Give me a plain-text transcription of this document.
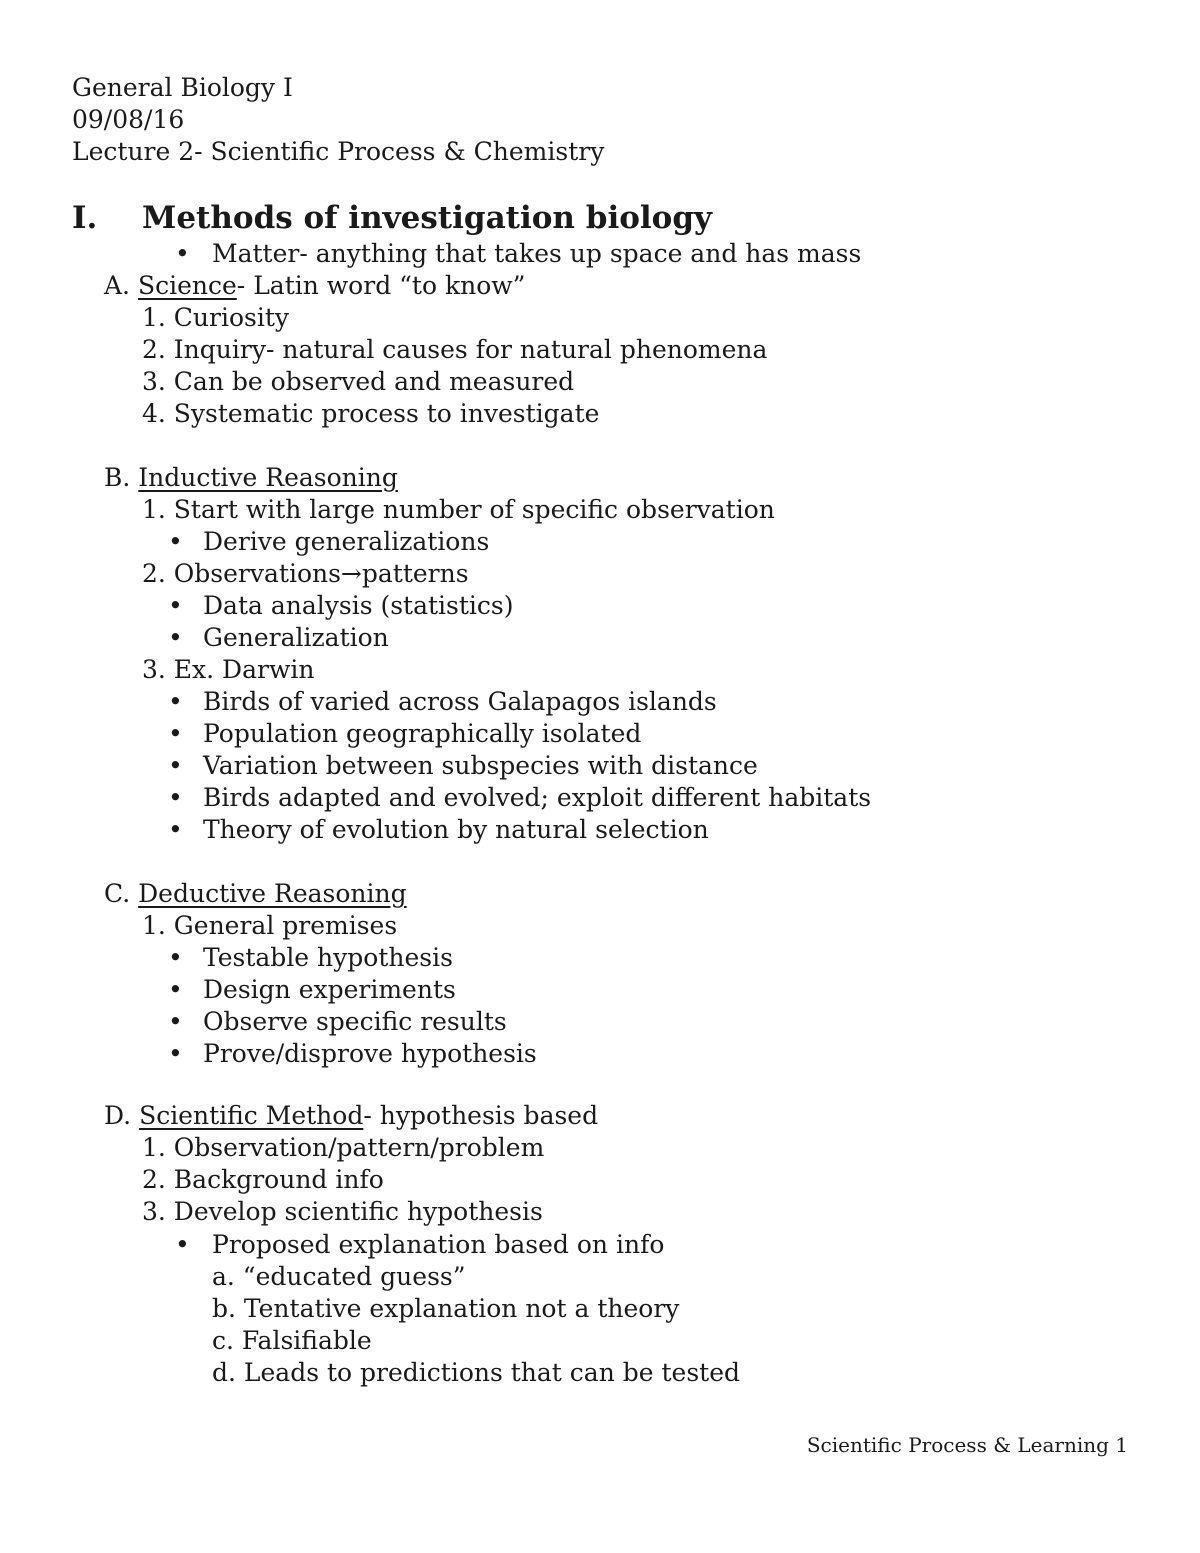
General Biology I
09/08/16
Lecture 2- Scientific Process & Chemistry
I. Methods of investigation biology
• Matter- anything that takes up space and has mass
A. Science- Latin word “to know”
1. Curiosity
2. Inquiry- natural causes for natural phenomena
3. Can be observed and measured
4. Systematic process to investigate
B. Inductive Reasoning
1. Start with large number of specific observation
• Derive generalizations
2. Observations→patterns
• Data analysis (statistics)
• Generalization
3. Ex. Darwin
• Birds of varied across Galapagos islands
• Population geographically isolated
• Variation between subspecies with distance
• Birds adapted and evolved; exploit different habitats
• Theory of evolution by natural selection
C. Deductive Reasoning
1. General premises
• Testable hypothesis
• Design experiments
• Observe specific results
• Prove/disprove hypothesis
D. Scientific Method- hypothesis based
1. Observation/pattern/problem
2. Background info
3. Develop scientific hypothesis
• Proposed explanation based on info
a. “educated guess”
b. Tentative explanation not a theory
c. Falsifiable
d. Leads to predictions that can be tested
Scientific Process & Learning 1
